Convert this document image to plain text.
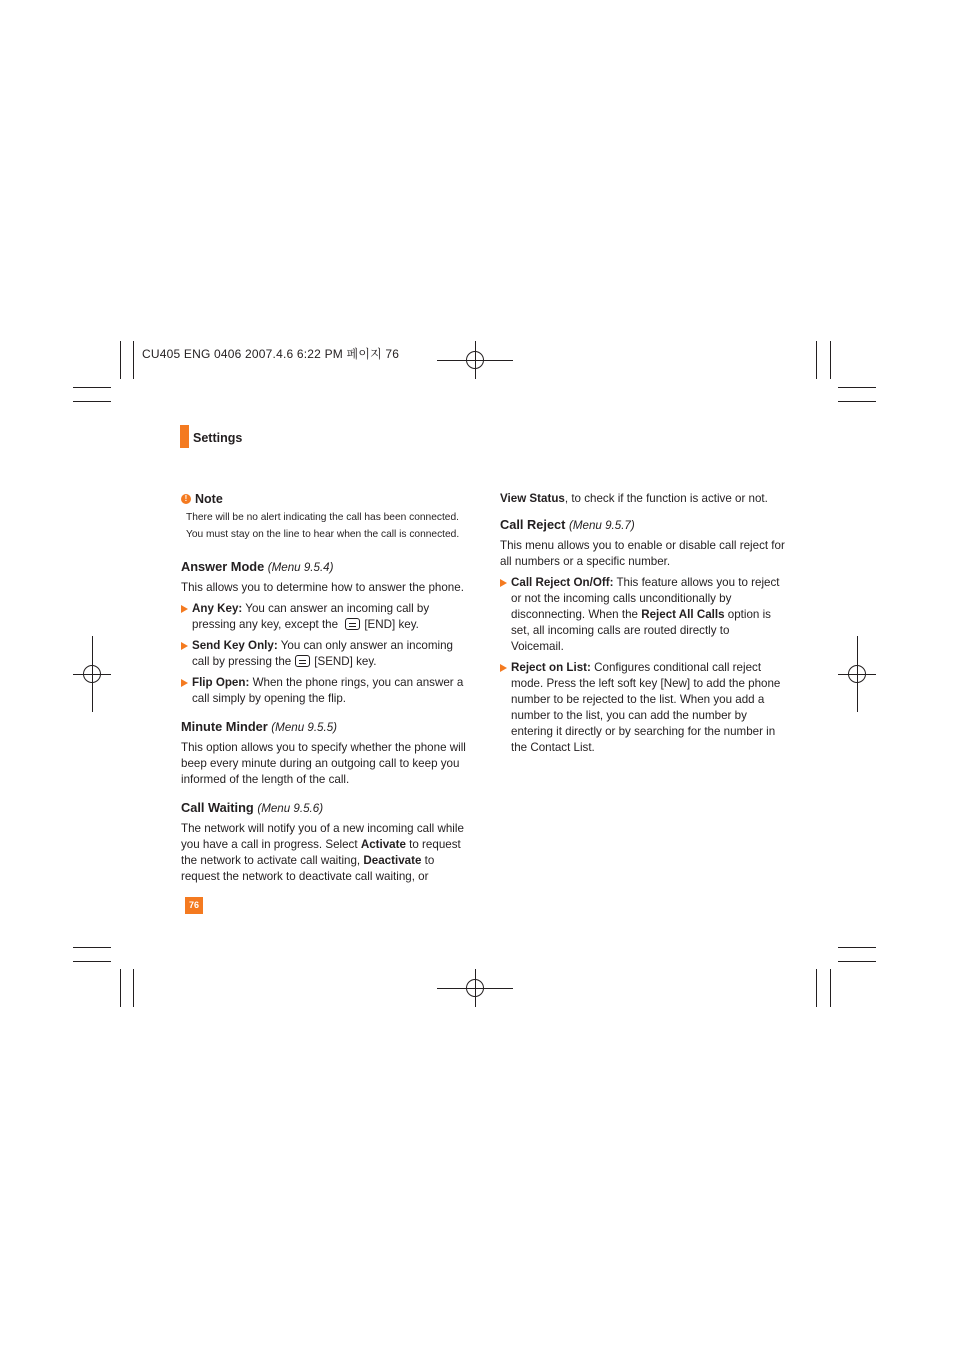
CU405 ENG 0406 2007.4.6 6:22 PM 페이지 76
Settings
! Note
There will be no alert indicating the call has been connected.
You must stay on the line to hear when the call is connected.
Answer Mode (Menu 9.5.4)

This allows you to determine how to answer the phone.

Any Key: You can answer an incoming call by pressing any key, except the [END] key.
Send Key Only: You can only answer an incoming call by pressing the [SEND] key.
Flip Open: When the phone rings, you can answer a call simply by opening the flip.
Minute Minder (Menu 9.5.5)

This option allows you to specify whether the phone will beep every minute during an outgoing call to keep you informed of the length of the call.

Call Waiting (Menu 9.5.6)

The network will notify you of a new incoming call while you have a call in progress. Select Activate to request the network to activate call waiting, Deactivate to request the network to deactivate call waiting, or

View Status, to check if the function is active or not.

Call Reject (Menu 9.5.7)

This menu allows you to enable or disable call reject for all numbers or a specific number.

Call Reject On/Off: This feature allows you to reject or not the incoming calls unconditionally by disconnecting. When the Reject All Calls option is set, all incoming calls are routed directly to Voicemail.
Reject on List: Configures conditional call reject mode. Press the left soft key [New] to add the phone number to be rejected to the list. When you add a number to the list, you can add the number by entering it directly or by searching for the number in the Contact List.
76
